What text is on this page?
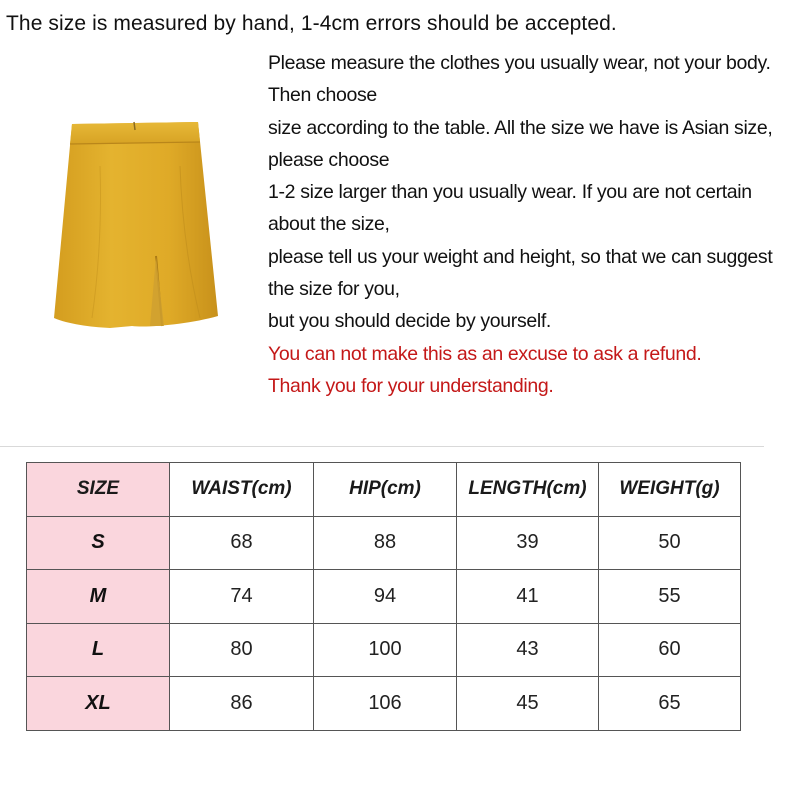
The size is measured by hand, 1-4cm errors should be accepted.
Please measure the clothes you usually wear, not your body.
Then choose
size according to the table. All the size we have is Asian size,
please choose
1-2 size larger than you usually wear. If you are not certain
about the size,
please tell us your weight and height, so that we can suggest
the size for you,
but you should decide by yourself.
You can not make this as an excuse to ask a refund.
Thank you for your understanding.
SIZE	WAIST(cm)	HIP(cm)	LENGTH(cm)	WEIGHT(g)
S	68	88	39	50
M	74	94	41	55
L	80	100	43	60
XL	86	106	45	65
